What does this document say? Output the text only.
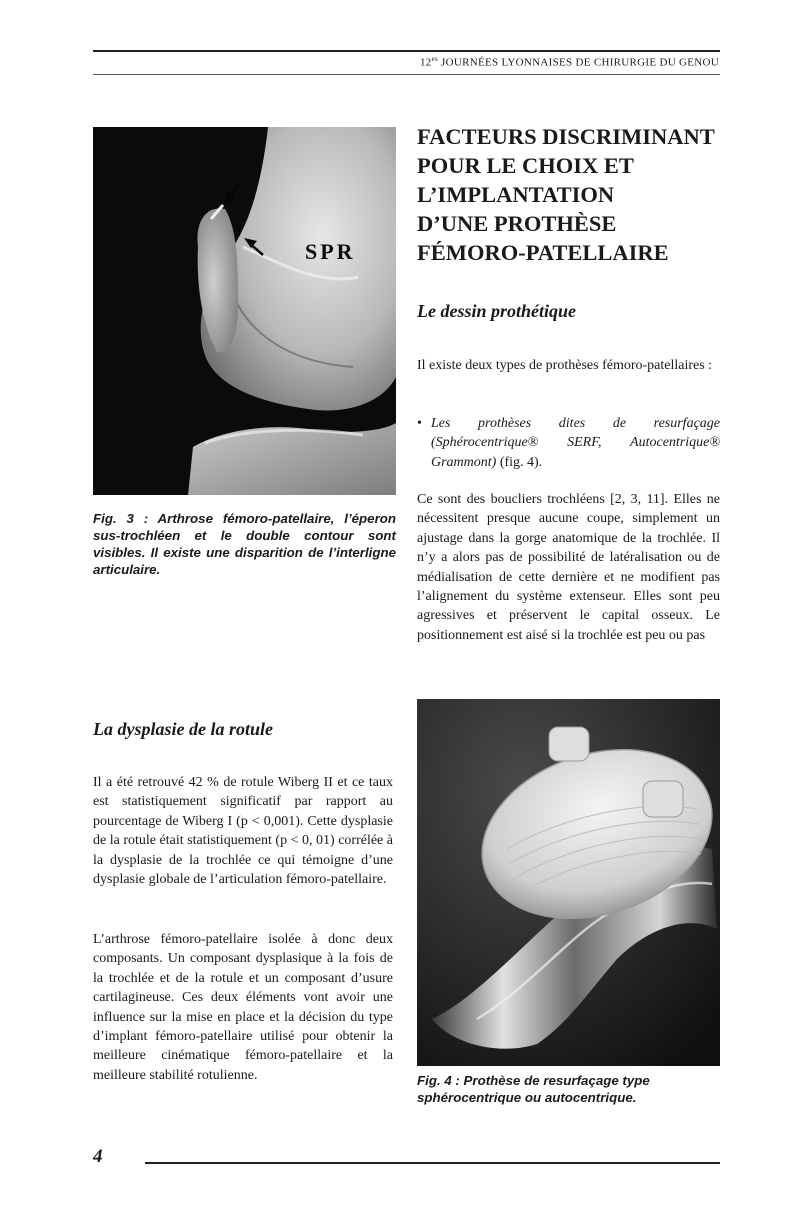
$12^{es}$ JOURNÉES LYONNAISES DE CHIRURGIE DU GENOU
SPR

Fig. 3 : Arthrose fémoro-patellaire, l’éperon sus-trochléen et le double contour sont visibles. Il existe une disparition de l’interligne articulaire.

FACTEURS DISCRIMINANT
POUR LE CHOIX ET
L’IMPLANTATION
D’UNE PROTHÈSE
FÉMORO-PATELLAIRE
Le dessin prothétique

Il existe deux types de prothèses fémoro-patellaires :

• Les prothèses dites de resurfaçage (Sphérocentrique® SERF, Autocentrique® Grammont) (fig. 4).

Ce sont des boucliers trochléens [2, 3, 11]. Elles ne nécessitent presque aucune coupe, simplement un ajustage dans la gorge anatomique de la trochlée. Il n’y a alors pas de possibilité de latéralisation ou de médialisation de cette dernière et ne modifient pas l’alignement du système extenseur. Elles sont peu agressives et préservent le capital osseux. Le positionnement est aisé si la trochlée est peu ou pas

La dysplasie de la rotule

Il a été retrouvé 42 % de rotule Wiberg II et ce taux est statistiquement significatif par rapport au pourcentage de Wiberg I (p < 0,001). Cette dysplasie de la rotule était statistiquement (p < 0, 01) corrélée à la dysplasie de la trochlée ce qui témoigne d’une dysplasie globale de l’articulation fémoro-patellaire.

L’arthrose fémoro-patellaire isolée à donc deux composants. Un composant dysplasique à la fois de la trochlée et de la rotule et un composant d’usure cartilagineuse. Ces deux éléments vont avoir une influence sur la mise en place et la décision du type d’implant fémoro-patellaire utilisé pour obtenir la meilleure cinématique fémoro-patellaire et la meilleure stabilité rotulienne.	Fig. 4 : Prothèse de resurfaçage type sphérocentrique ou autocentrique.

4
